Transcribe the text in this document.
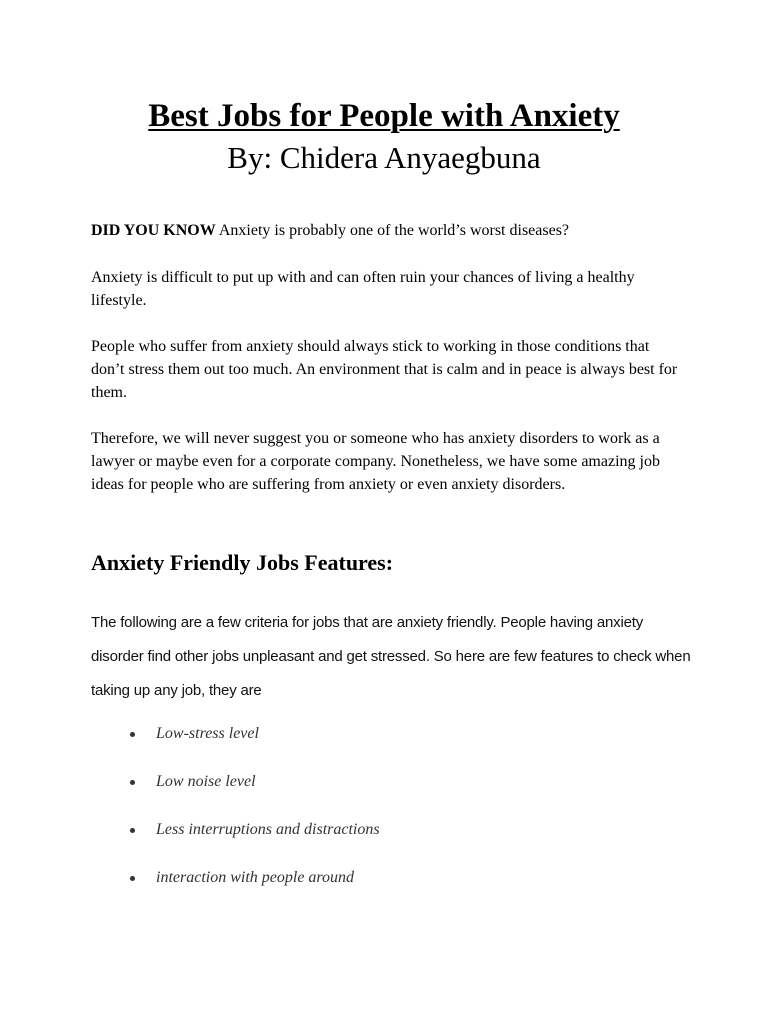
Best Jobs for People with Anxiety
By: Chidera Anyaegbuna

DID YOU KNOW Anxiety is probably one of the world’s worst diseases?

Anxiety is difficult to put up with and can often ruin your chances of living a healthy lifestyle.

People who suffer from anxiety should always stick to working in those conditions that don’t stress them out too much. An environment that is calm and in peace is always best for them.

Therefore, we will never suggest you or someone who has anxiety disorders to work as a lawyer or maybe even for a corporate company. Nonetheless, we have some amazing job ideas for people who are suffering from anxiety or even anxiety disorders.

Anxiety Friendly Jobs Features:

The following are a few criteria for jobs that are anxiety friendly. People having anxiety disorder find other jobs unpleasant and get stressed. So here are few features to check when taking up any job, they are

Low-stress level
Low noise level
Less interruptions and distractions
interaction with people around
